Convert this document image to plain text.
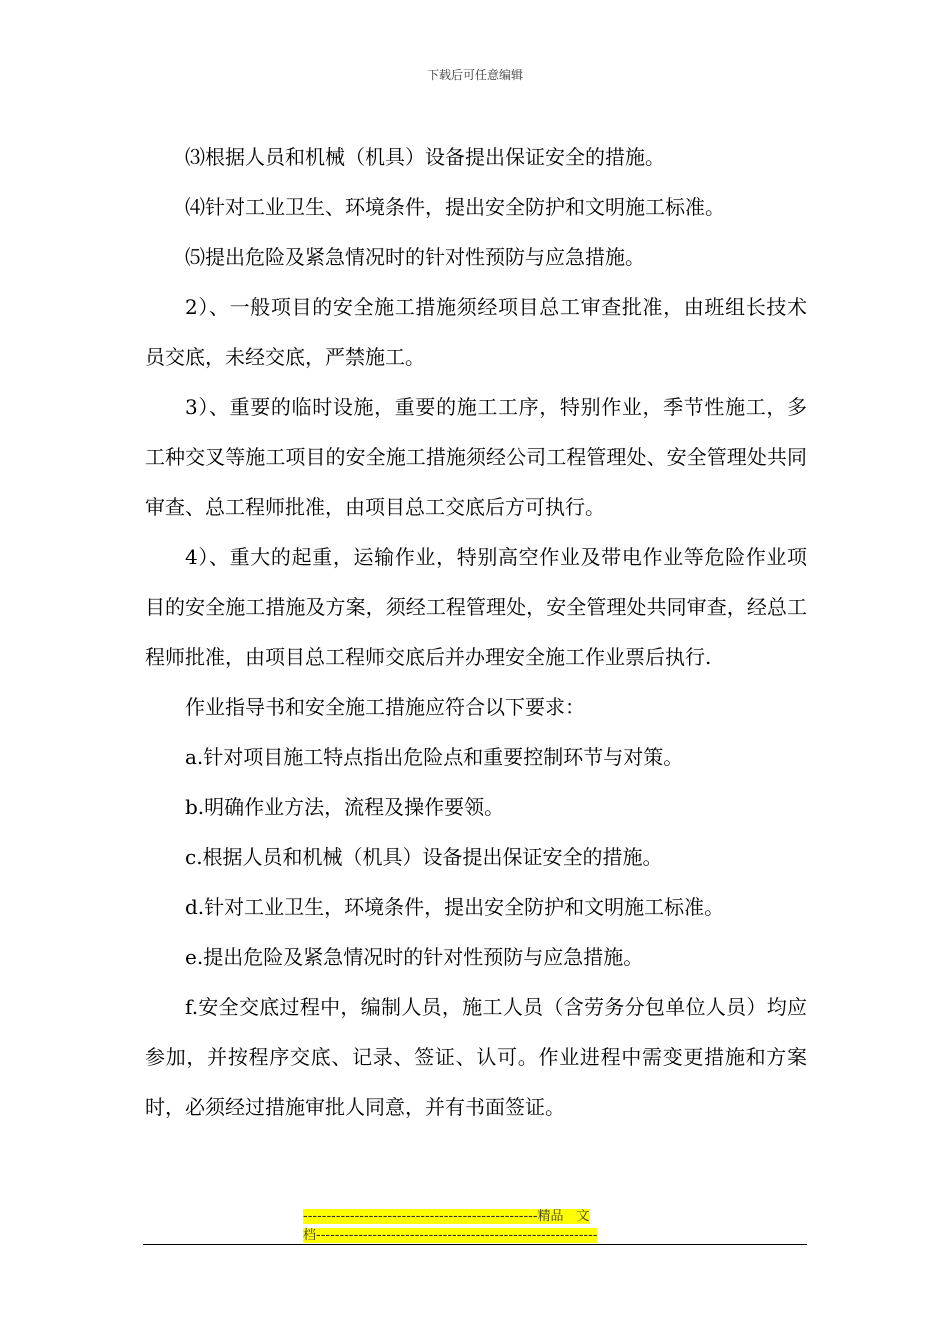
下载后可任意编辑

⑶根据人员和机械（机具）设备提出保证安全的措施。

⑷针对工业卫生、环境条件，提出安全防护和文明施工标准。

⑸提出危险及紧急情况时的针对性预防与应急措施。

2）、一般项目的安全施工措施须经项目总工审查批准，由班组长技术员交底，未经交底，严禁施工。

3）、重要的临时设施，重要的施工工序，特别作业，季节性施工，多工种交叉等施工项目的安全施工措施须经公司工程管理处、安全管理处共同审查、总工程师批准，由项目总工交底后方可执行。

4）、重大的起重，运输作业，特别高空作业及带电作业等危险作业项目的安全施工措施及方案，须经工程管理处，安全管理处共同审查，经总工程师批准，由项目总工程师交底后并办理安全施工作业票后执行.

作业指导书和安全施工措施应符合以下要求：

a.针对项目施工特点指出危险点和重要控制环节与对策。

b.明确作业方法，流程及操作要领。

c.根据人员和机械（机具）设备提出保证安全的措施。

d.针对工业卫生，环境条件，提出安全防护和文明施工标准。

e.提出危险及紧急情况时的针对性预防与应急措施。

f.安全交底过程中，编制人员，施工人员（含劳务分包单位人员）均应参加，并按程序交底、记录、签证、认可。作业进程中需变更措施和方案时，必须经过措施审批人同意，并有书面签证。

--------------------------------------------------精品　文
档------------------------------------------------------------
